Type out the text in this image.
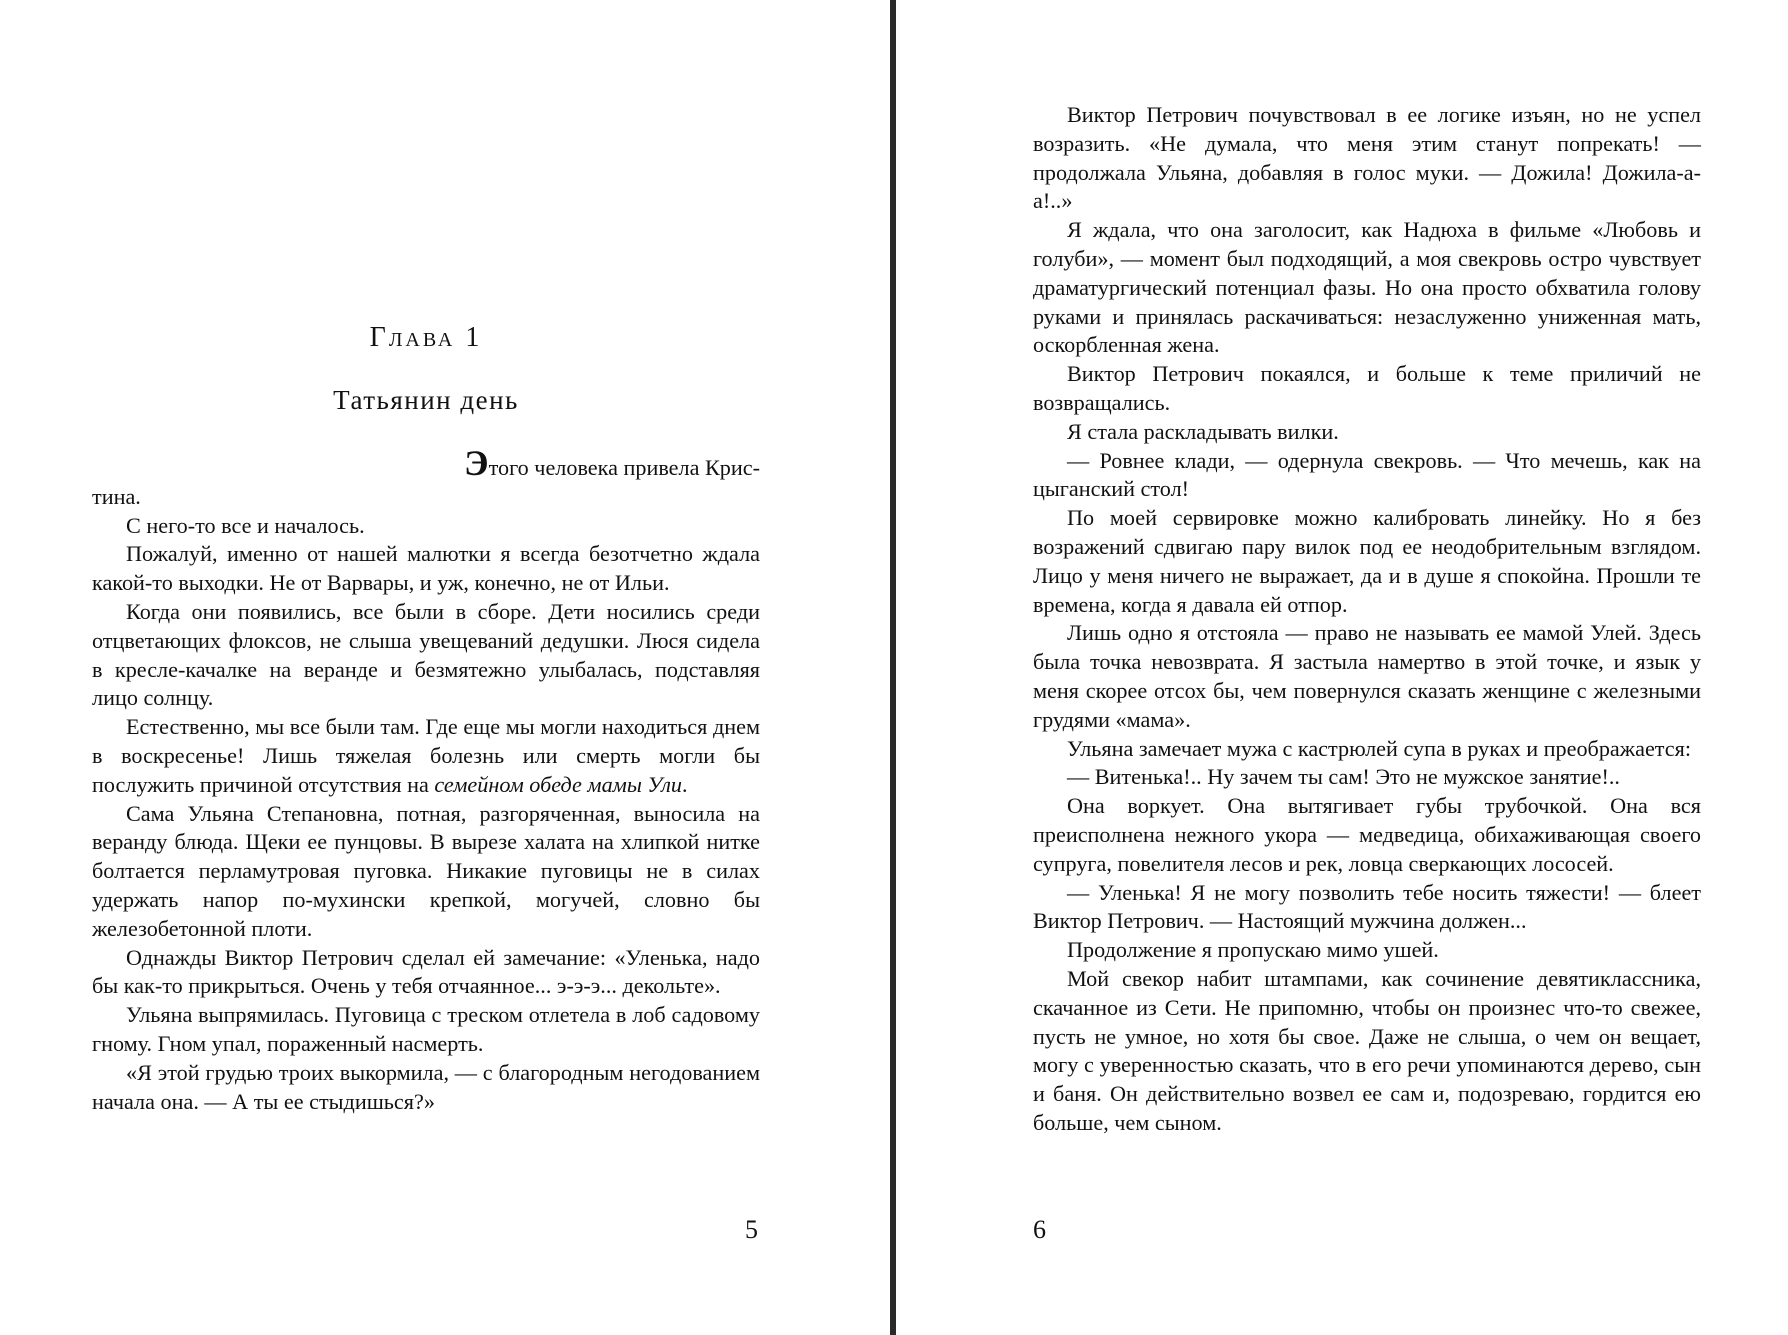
Глава 1
Татьянин день

Этого человека привела Крис-
тина.

С него-то все и началось.

Пожалуй, именно от нашей малютки я всегда безотчетно ждала какой-то выходки. Не от Варвары, и уж, конечно, не от Ильи.

Когда они появились, все были в сборе. Дети носились среди отцветающих флоксов, не слыша увещеваний дедушки. Люся сидела в кресле-качалке на веранде и безмятежно улыбалась, подставляя лицо солнцу.

Естественно, мы все были там. Где еще мы могли находиться днем в воскресенье! Лишь тяжелая болезнь или смерть могли бы послужить причиной отсутствия на семейном обеде мамы Ули.

Сама Ульяна Степановна, потная, разгоряченная, выносила на веранду блюда. Щеки ее пунцовы. В вырезе халата на хлипкой нитке болтается перламутровая пуговка. Никакие пуговицы не в силах удержать напор по-мухински крепкой, могучей, словно бы железобетонной плоти.

Однажды Виктор Петрович сделал ей замечание: «Уленька, надо бы как-то прикрыться. Очень у тебя отчаянное... э-э-э... декольте».

Ульяна выпрямилась. Пуговица с треском отлетела в лоб садовому гному. Гном упал, пораженный насмерть.

«Я этой грудью троих выкормила, — с благородным негодованием начала она. — А ты ее стыдишься?»

5

Виктор Петрович почувствовал в ее логике изъян, но не успел возразить. «Не думала, что меня этим станут попрекать! — продолжала Ульяна, добавляя в голос муки. — Дожила! Дожила-а-а!..»

Я ждала, что она заголосит, как Надюха в фильме «Любовь и голуби», — момент был подходящий, а моя свекровь остро чувствует драматургический потенциал фазы. Но она просто обхватила голову руками и принялась раскачиваться: незаслуженно униженная мать, оскорбленная жена.

Виктор Петрович покаялся, и больше к теме приличий не возвращались.

Я стала раскладывать вилки.

— Ровнее клади, — одернула свекровь. — Что мечешь, как на цыганский стол!

По моей сервировке можно калибровать линейку. Но я без возражений сдвигаю пару вилок под ее неодобрительным взглядом. Лицо у меня ничего не выражает, да и в душе я спокойна. Прошли те времена, когда я давала ей отпор.

Лишь одно я отстояла — право не называть ее мамой Улей. Здесь была точка невозврата. Я застыла намертво в этой точке, и язык у меня скорее отсох бы, чем повернулся сказать женщине с железными грудями «мама».

Ульяна замечает мужа с кастрюлей супа в руках и преображается:

— Витенька!.. Ну зачем ты сам! Это не мужское занятие!..

Она воркует. Она вытягивает губы трубочкой. Она вся преисполнена нежного укора — медведица, обихаживающая своего супруга, повелителя лесов и рек, ловца сверкающих лососей.

— Уленька! Я не могу позволить тебе носить тяжести! — блеет Виктор Петрович. — Настоящий мужчина должен...

Продолжение я пропускаю мимо ушей.

Мой свекор набит штампами, как сочинение девятиклассника, скачанное из Сети. Не припомню, чтобы он произнес что-то свежее, пусть не умное, но хотя бы свое. Даже не слыша, о чем он вещает, могу с уверенностью сказать, что в его речи упоминаются дерево, сын и баня. Он действительно возвел ее сам и, подозреваю, гордится ею больше, чем сыном.

6
